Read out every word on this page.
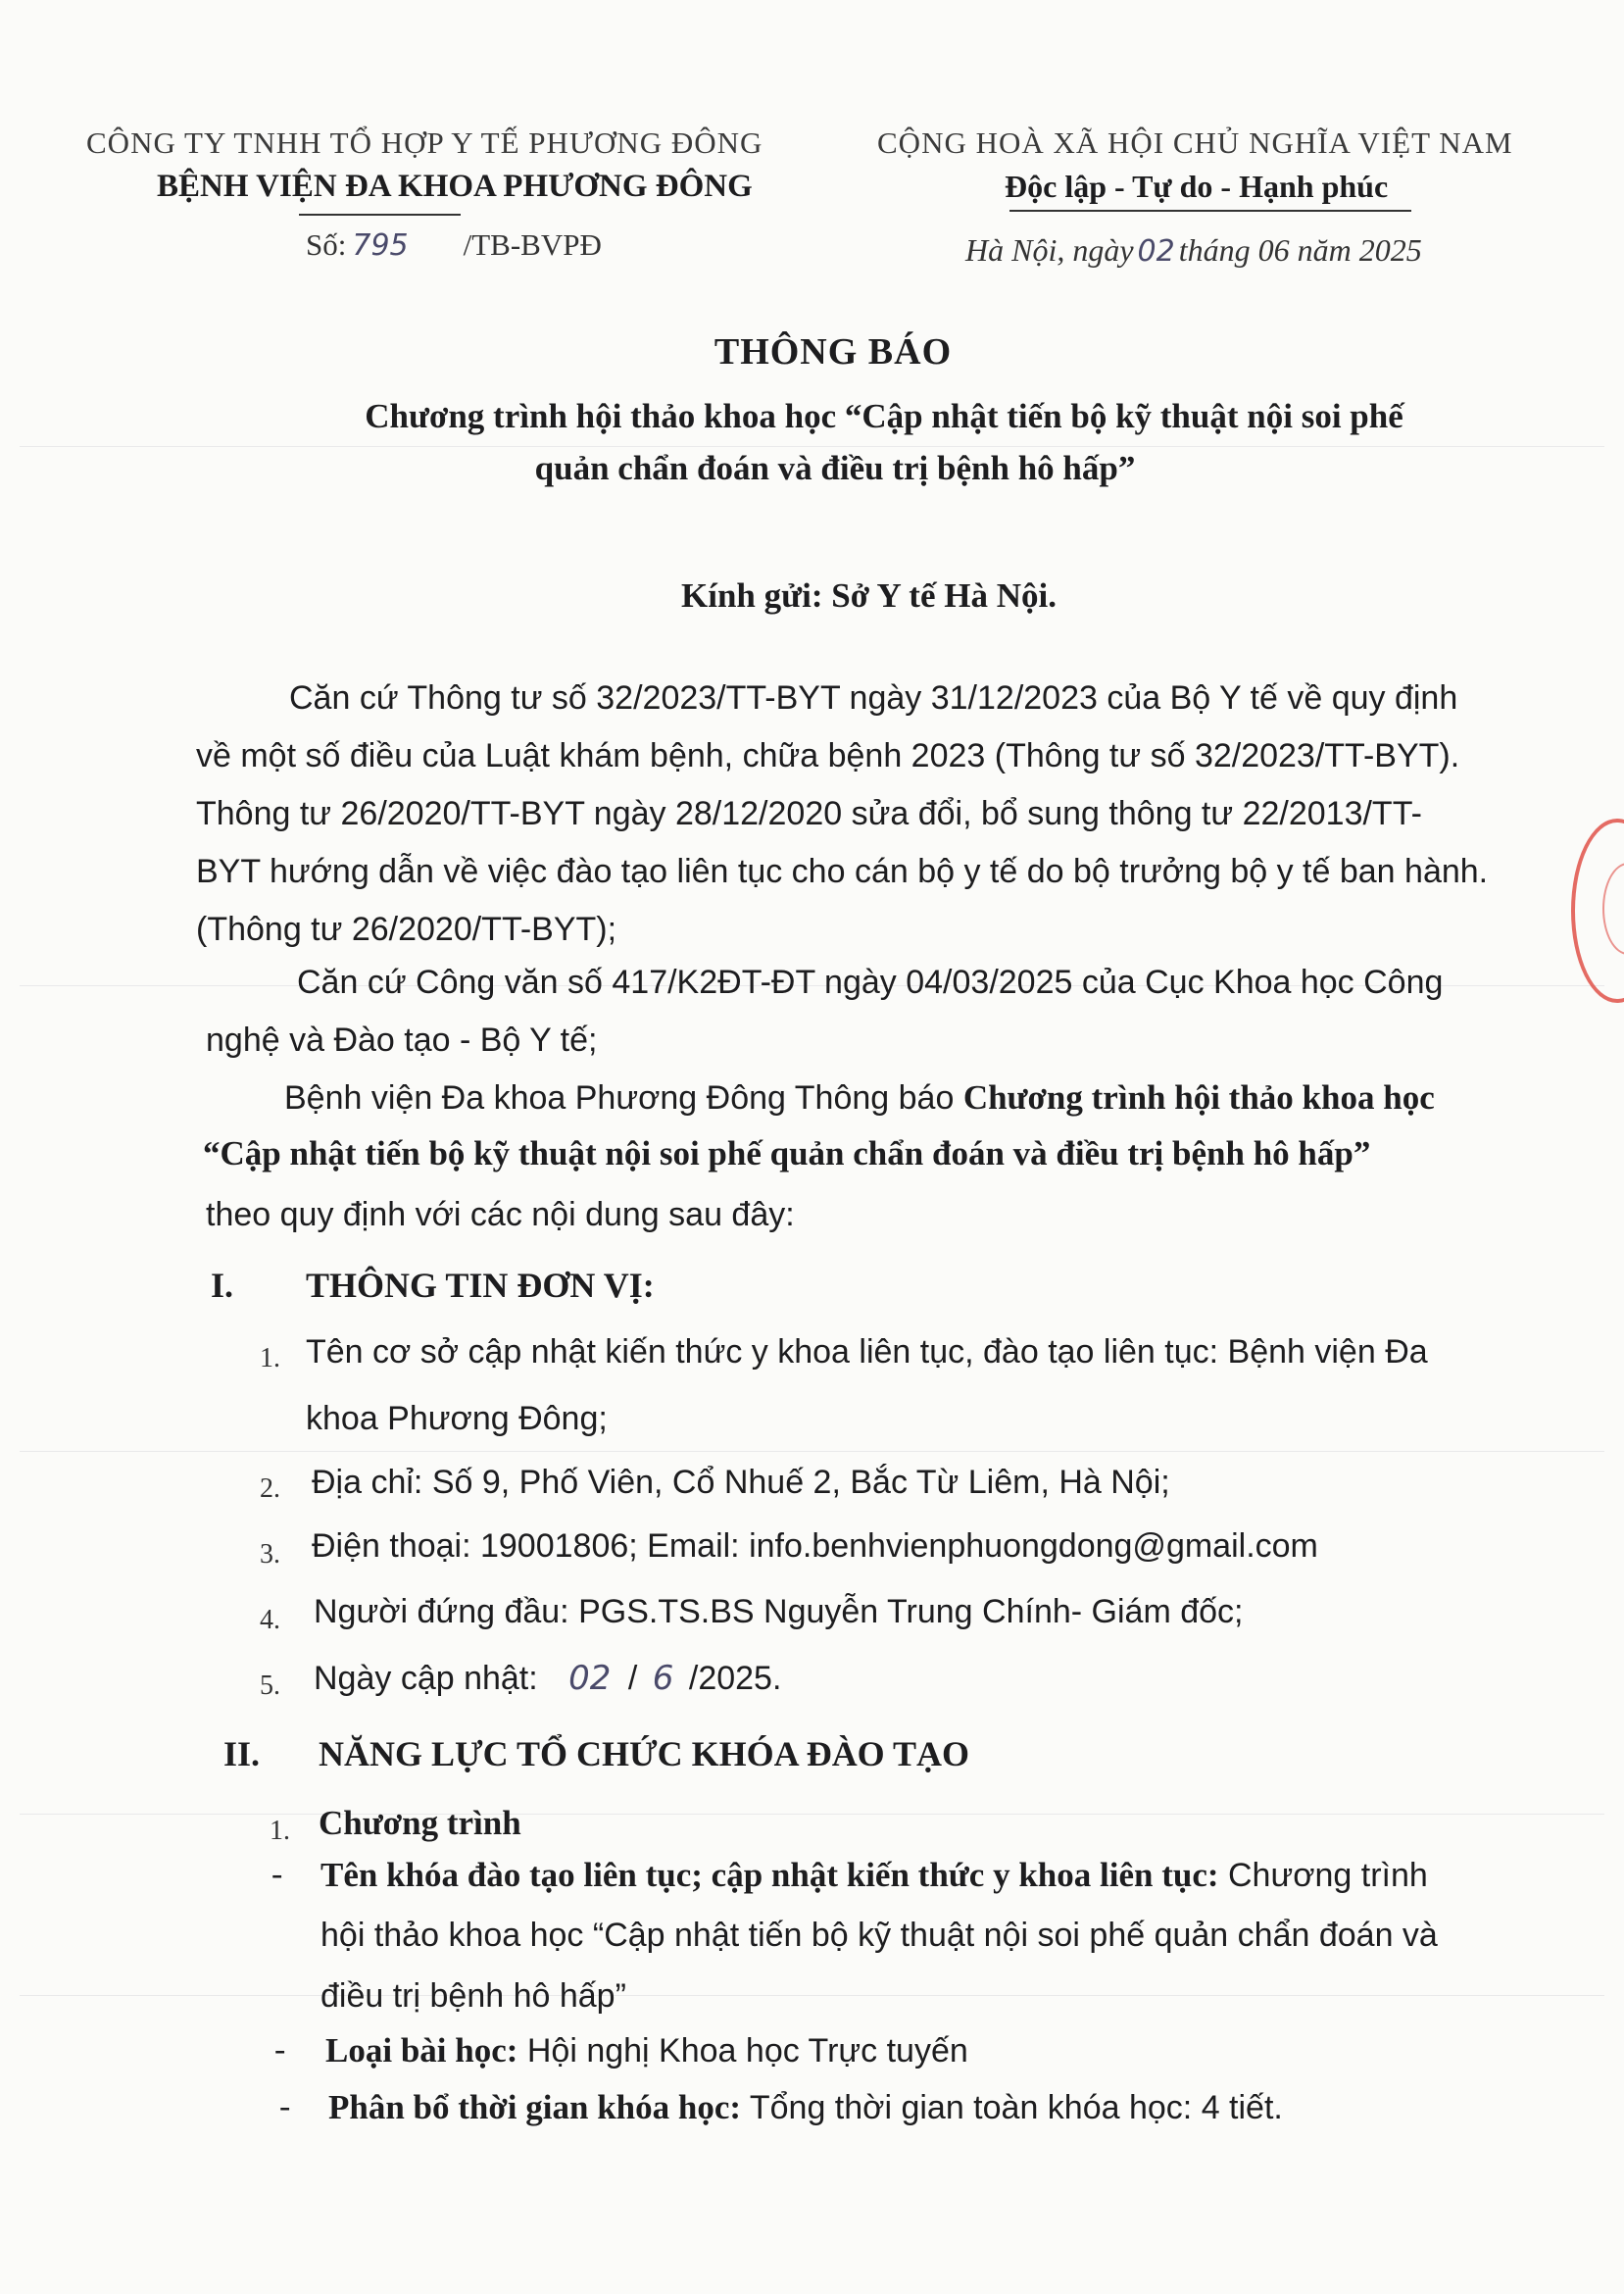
CÔNG TY TNHH TỔ HỢP Y TẾ PHƯƠNG ĐÔNG
BỆNH VIỆN ĐA KHOA PHƯƠNG ĐÔNG
Số: 795 /TB-BVPĐ
CỘNG HOÀ XÃ HỘI CHỦ NGHĨA VIỆT NAM
Độc lập - Tự do - Hạnh phúc
Hà Nội, ngày 02 tháng 06 năm 2025
THÔNG BÁO
Chương trình hội thảo khoa học “Cập nhật tiến bộ kỹ thuật nội soi phế
quản chẩn đoán và điều trị bệnh hô hấp”
Kính gửi: Sở Y tế Hà Nội.
Căn cứ Thông tư số 32/2023/TT-BYT ngày 31/12/2023 của Bộ Y tế về quy định
về một số điều của Luật khám bệnh, chữa bệnh 2023 (Thông tư số 32/2023/TT-BYT).
Thông tư 26/2020/TT-BYT ngày 28/12/2020 sửa đổi, bổ sung thông tư 22/2013/TT-
BYT hướng dẫn về việc đào tạo liên tục cho cán bộ y tế do bộ trưởng bộ y tế ban hành.
(Thông tư 26/2020/TT-BYT);
Căn cứ Công văn số 417/K2ĐT-ĐT ngày 04/03/2025 của Cục Khoa học Công
nghệ và Đào tạo - Bộ Y tế;
Bệnh viện Đa khoa Phương Đông Thông báo Chương trình hội thảo khoa học
“Cập nhật tiến bộ kỹ thuật nội soi phế quản chẩn đoán và điều trị bệnh hô hấp”
theo quy định với các nội dung sau đây:
I. THÔNG TIN ĐƠN VỊ:
1. Tên cơ sở cập nhật kiến thức y khoa liên tục, đào tạo liên tục: Bệnh viện Đa
khoa Phương Đông;
2. Địa chỉ: Số 9, Phố Viên, Cổ Nhuế 2, Bắc Từ Liêm, Hà Nội;
3. Điện thoại: 19001806; Email: info.benhvienphuongdong@gmail.com
4. Người đứng đầu: PGS.TS.BS Nguyễn Trung Chính- Giám đốc;
5. Ngày cập nhật: 02 / 6 /2025.
II. NĂNG LỰC TỔ CHỨC KHÓA ĐÀO TẠO
1. Chương trình
- Tên khóa đào tạo liên tục; cập nhật kiến thức y khoa liên tục: Chương trình
hội thảo khoa học “Cập nhật tiến bộ kỹ thuật nội soi phế quản chẩn đoán và
điều trị bệnh hô hấp”
- Loại bài học: Hội nghị Khoa học Trực tuyến
- Phân bổ thời gian khóa học: Tổng thời gian toàn khóa học: 4 tiết.
